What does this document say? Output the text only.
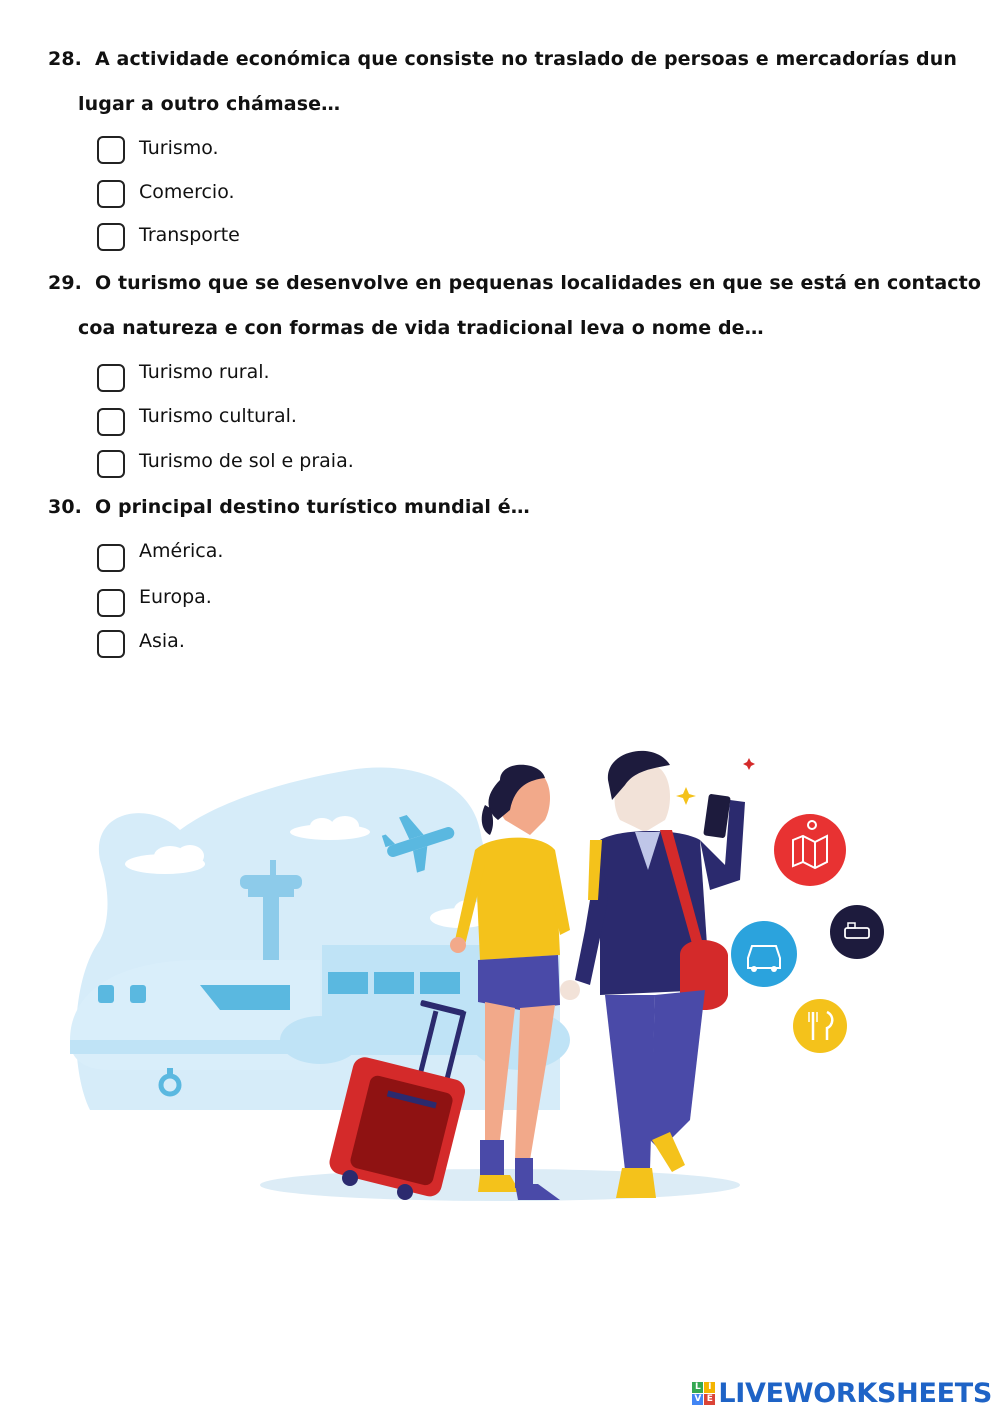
28. A actividade económica que consiste no traslado de persoas e mercadorías dun
lugar a outro chámase…
Turismo.
Comercio.
Transporte
29. O turismo que se desenvolve en pequenas localidades en que se está en contacto
coa natureza e con formas de vida tradicional leva o nome de…
Turismo rural.
Turismo cultural.
Turismo de sol e praia.
30. O principal destino turístico mundial é…
América.
Europa.
Asia.
L I
V E LIVEWORKSHEETS
